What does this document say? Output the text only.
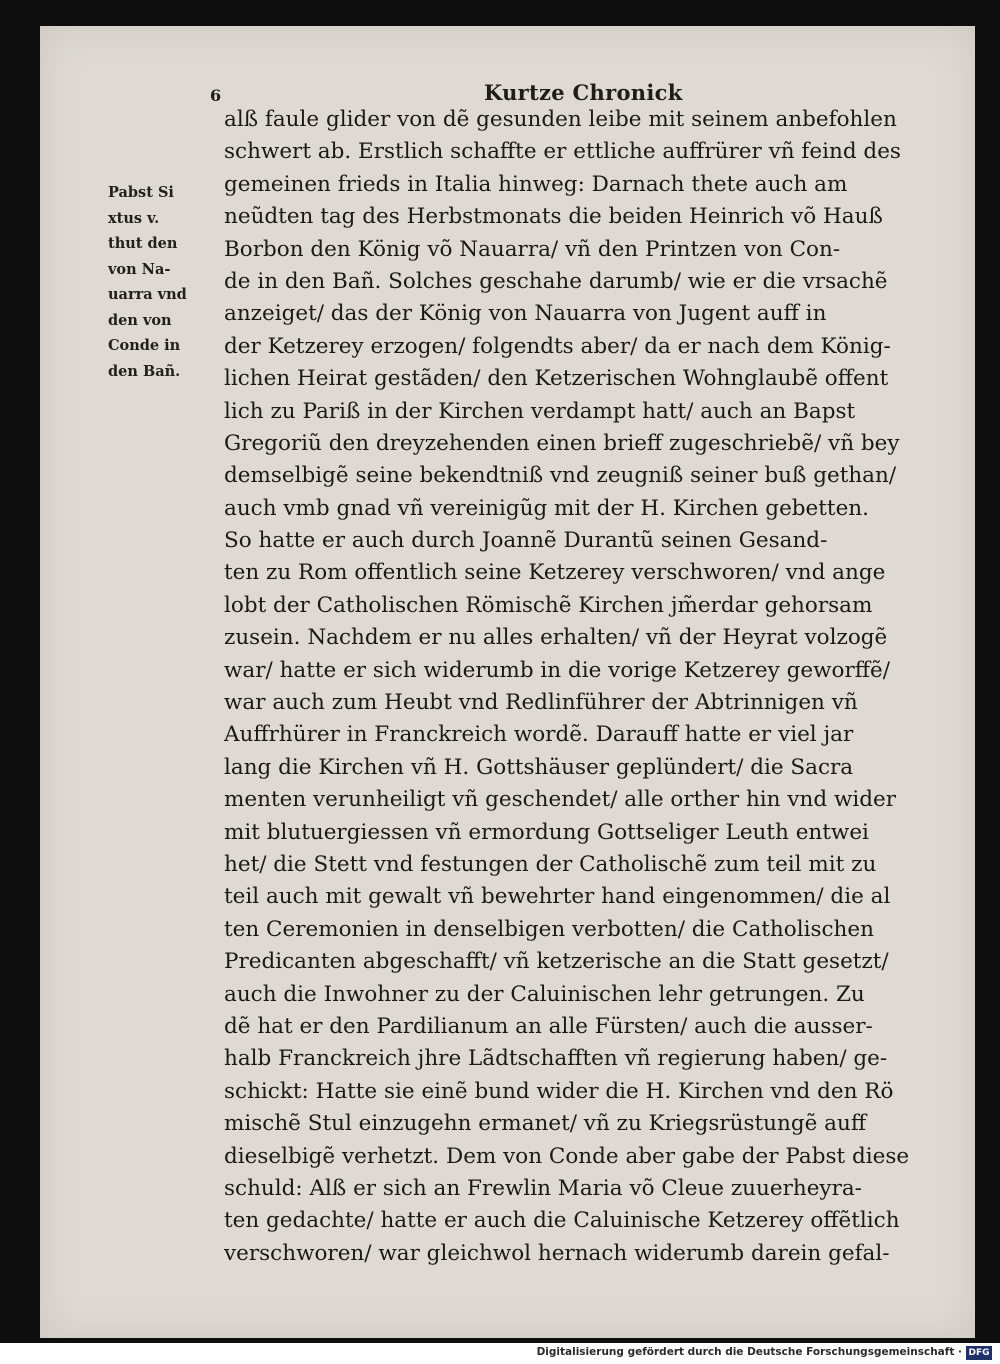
6	Kurtze Chronick
Pabst Si
xtus v.
thut den
von Na-
uarra vnd
den von
Conde in
den Bañ.
alß faule glider von dẽ gesunden leibe mit seinem anbefohlen
schwert ab. Erstlich schaffte er ettliche auffrürer vñ feind des
gemeinen frieds in Italia hinweg: Darnach thete auch am
neũdten tag des Herbstmonats die beiden Heinrich võ Hauß
Borbon den König võ Nauarra/ vñ den Printzen von Con-
de in den Bañ. Solches geschahe darumb/ wie er die vrsachẽ
anzeiget/ das der König von Nauarra von Jugent auff in
der Ketzerey erzogen/ folgendts aber/ da er nach dem König-
lichen Heirat gestãden/ den Ketzerischen Wohnglaubẽ offent
lich zu Pariß in der Kirchen verdampt hatt/ auch an Bapst
Gregoriũ den dreyzehenden einen brieff zugeschriebẽ/ vñ bey
demselbigẽ seine bekendtniß vnd zeugniß seiner buß gethan/
auch vmb gnad vñ vereinigũg mit der H. Kirchen gebetten.
So hatte er auch durch Joannẽ Durantũ seinen Gesand-
ten zu Rom offentlich seine Ketzerey verschworen/ vnd ange
lobt der Catholischen Römischẽ Kirchen jm̃erdar gehorsam
zusein. Nachdem er nu alles erhalten/ vñ der Heyrat volzogẽ
war/ hatte er sich widerumb in die vorige Ketzerey geworffẽ/
war auch zum Heubt vnd Redlinführer der Abtrinnigen vñ
Auffrhürer in Franckreich wordẽ. Darauff hatte er viel jar
lang die Kirchen vñ H. Gottshäuser geplündert/ die Sacra
menten verunheiligt vñ geschendet/ alle orther hin vnd wider
mit blutuergiessen vñ ermordung Gottseliger Leuth entwei
het/ die Stett vnd festungen der Catholischẽ zum teil mit zu
teil auch mit gewalt vñ bewehrter hand eingenommen/ die al
ten Ceremonien in denselbigen verbotten/ die Catholischen
Predicanten abgeschafft/ vñ ketzerische an die Statt gesetzt/
auch die Inwohner zu der Caluinischen lehr getrungen. Zu
dẽ hat er den Pardilianum an alle Fürsten/ auch die ausser-
halb Franckreich jhre Lãdtschafften vñ regierung haben/ ge-
schickt: Hatte sie einẽ bund wider die H. Kirchen vnd den Rö
mischẽ Stul einzugehn ermanet/ vñ zu Kriegsrüstungẽ auff
dieselbigẽ verhetzt. Dem von Conde aber gabe der Pabst diese
schuld: Alß er sich an Frewlin Maria võ Cleue zuuerheyra-
ten gedachte/ hatte er auch die Caluinische Ketzerey offẽtlich
verschworen/ war gleichwol hernach widerumb darein gefal-
Digitalisierung gefördert durch die Deutsche Forschungsgemeinschaft · DFG
